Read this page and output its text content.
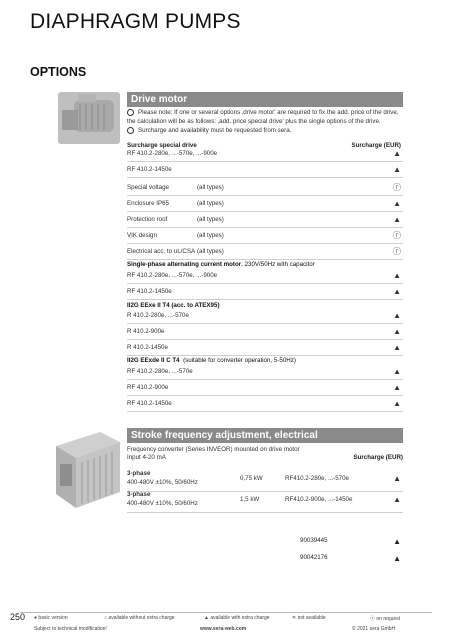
DIAPHRAGM PUMPS
OPTIONS
Drive motor
Please note: If one or several options ‚drive motor' are required to fix the add. price of the drive, the calculation will be as follows: ‚add. price special drive' plus the single options of the drive.
Surcharge and availability must be requested from sera.
Surcharge special drive	Surcharge (EUR)
RF 410.2-280e, ...-570e, ...-900e	▲
RF 410.2-1450e	▲
Special voltage	(all types)	ⓡ
Enclosure IP65	(all types)	▲
Protection roof	(all types)	▲
VIK design	(all types)	ⓡ
Electrical acc. to uL/CSA (all types)	ⓡ
Single-phase alternating current motor, 230V/50Hz with capacitor
RF 410.2-280e, ...-570e, ...-900e	▲
RF 410.2-1450e	▲
II2G EExe II T4 (acc. to ATEX95)
R 410.2-280e, ...-570e	▲
R 410.2-900e	▲
R 410.2-1450e	▲
II2G EExde II C T4 (suitable for converter operation, 5-50Hz)
RF 410.2-280e, ...-570e	▲
RF 410.2-900e	▲
RF 410.2-1450e	▲
Stroke frequency adjustment, electrical
Frequency converter (Series INVEOR) mounted on drive motor
Input 4-20 mA	Surcharge (EUR)
3-phase
400-480V ±10%, 50/60Hz
0,75 kW	RF410.2-280e, ...-570e	▲
3-phase
400-480V ±10%, 50/60Hz
1,5 kW	RF410.2-900e, ...-1450e	▲
90039445	▲
90042176	▲
250 ● basic version	○ available without extra charge	▲ available with extra charge	✕ not available	ⓡ on request
Subject to technical modification!	www.sera-web.com	© 2021 sera GmbH
